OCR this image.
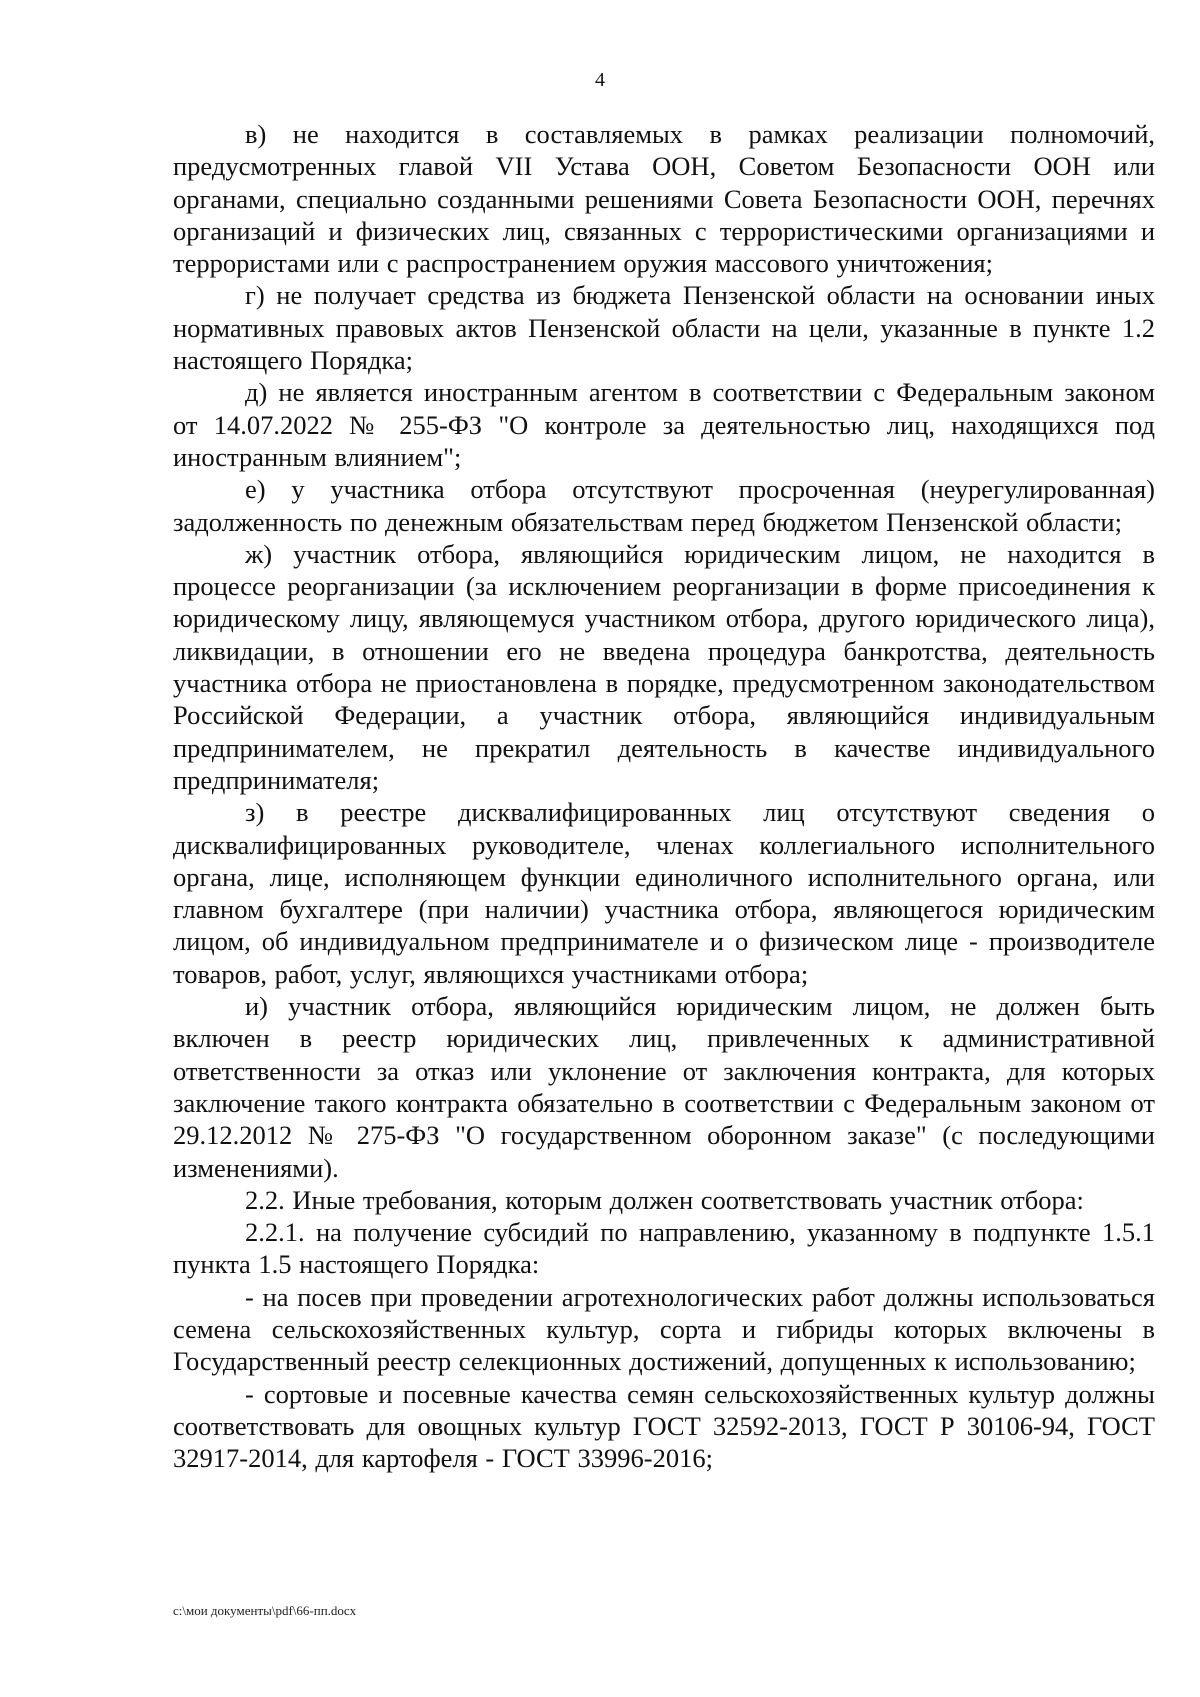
4

в) не находится в составляемых в рамках реализации полномочий, предусмотренных главой VII Устава ООН, Советом Безопасности ООН или органами, специально созданными решениями Совета Безопасности ООН, перечнях организаций и физических лиц, связанных с террористическими организациями и террористами или с распространением оружия массового уничтожения;

г) не получает средства из бюджета Пензенской области на основании иных нормативных правовых актов Пензенской области на цели, указанные в пункте 1.2 настоящего Порядка;

д) не является иностранным агентом в соответствии с Федеральным законом от 14.07.2022 № 255-ФЗ "О контроле за деятельностью лиц, находящихся под иностранным влиянием";

е) у участника отбора отсутствуют просроченная (неурегулированная) задолженность по денежным обязательствам перед бюджетом Пензенской области;

ж) участник отбора, являющийся юридическим лицом, не находится в процессе реорганизации (за исключением реорганизации в форме присоединения к юридическому лицу, являющемуся участником отбора, другого юридического лица), ликвидации, в отношении его не введена процедура банкротства, деятельность участника отбора не приостановлена в порядке, предусмотренном законодательством Российской Федерации, а участник отбора, являющийся индивидуальным предпринимателем, не прекратил деятельность в качестве индивидуального предпринимателя;

з) в реестре дисквалифицированных лиц отсутствуют сведения о дисквалифицированных руководителе, членах коллегиального исполнительного органа, лице, исполняющем функции единоличного исполнительного органа, или главном бухгалтере (при наличии) участника отбора, являющегося юридическим лицом, об индивидуальном предпринимателе и о физическом лице - производителе товаров, работ, услуг, являющихся участниками отбора;

и) участник отбора, являющийся юридическим лицом, не должен быть включен в реестр юридических лиц, привлеченных к административной ответственности за отказ или уклонение от заключения контракта, для которых заключение такого контракта обязательно в соответствии с Федеральным законом от 29.12.2012 № 275-ФЗ "О государственном оборонном заказе" (с последующими изменениями).

2.2. Иные требования, которым должен соответствовать участник отбора:

2.2.1. на получение субсидий по направлению, указанному в подпункте 1.5.1 пункта 1.5 настоящего Порядка:

- на посев при проведении агротехнологических работ должны использоваться семена сельскохозяйственных культур, сорта и гибриды которых включены в Государственный реестр селекционных достижений, допущенных к использованию;

- сортовые и посевные качества семян сельскохозяйственных культур должны соответствовать для овощных культур ГОСТ 32592-2013, ГОСТ Р 30106-94, ГОСТ 32917-2014, для картофеля - ГОСТ 33996-2016;

c:\мои документы\pdf\66-пп.docx
